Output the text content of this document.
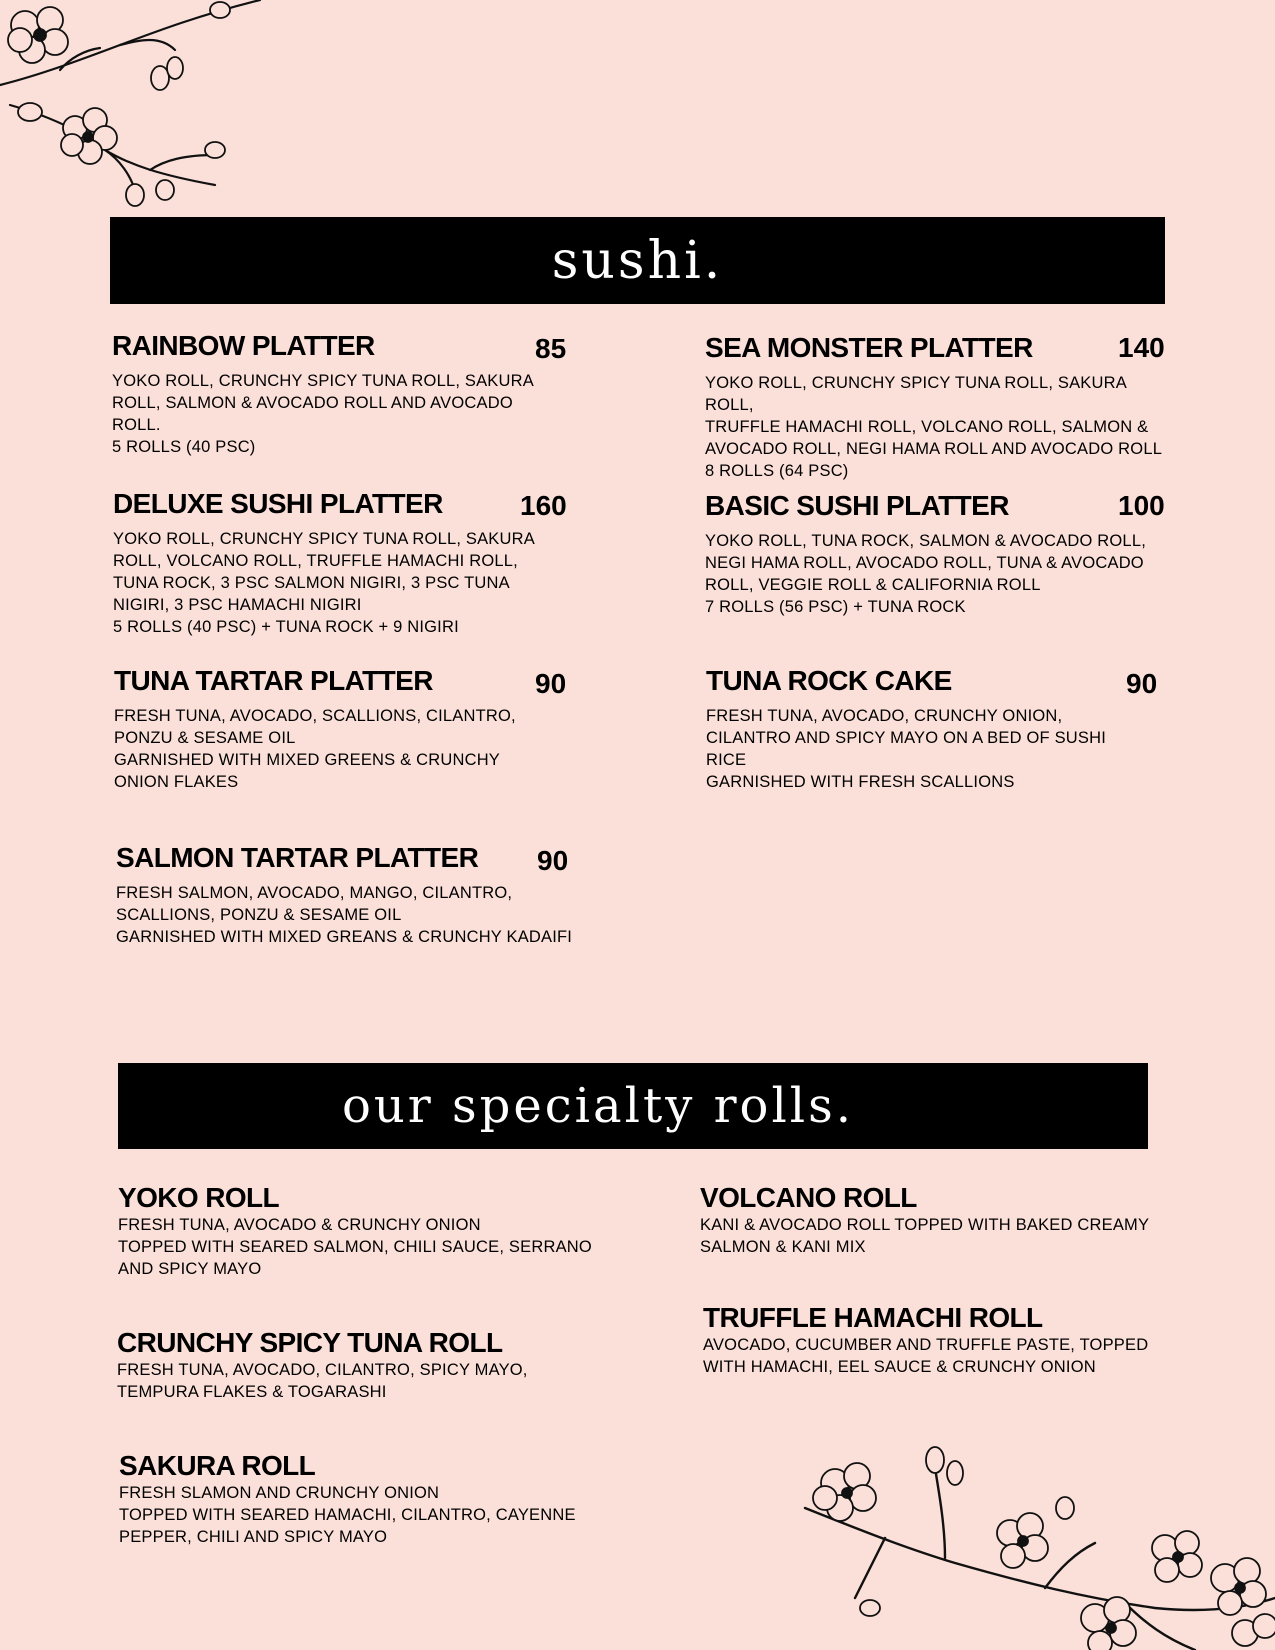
sushi.
our specialty rolls.
RAINBOW PLATTER	85

YOKO ROLL, CRUNCHY SPICY TUNA ROLL, SAKURA
ROLL, SALMON & AVOCADO ROLL AND AVOCADO
ROLL.
5 ROLLS (40 PSC)

SEA MONSTER PLATTER	140

YOKO ROLL, CRUNCHY SPICY TUNA ROLL, SAKURA ROLL,
TRUFFLE HAMACHI ROLL, VOLCANO ROLL, SALMON &
AVOCADO ROLL, NEGI HAMA ROLL AND AVOCADO ROLL
8 ROLLS (64 PSC)

DELUXE SUSHI PLATTER	160

YOKO ROLL, CRUNCHY SPICY TUNA ROLL, SAKURA
ROLL, VOLCANO ROLL, TRUFFLE HAMACHI ROLL,
TUNA ROCK, 3 PSC SALMON NIGIRI, 3 PSC TUNA
NIGIRI, 3 PSC HAMACHI NIGIRI
5 ROLLS (40 PSC) + TUNA ROCK + 9 NIGIRI

BASIC SUSHI PLATTER	100

YOKO ROLL, TUNA ROCK, SALMON & AVOCADO ROLL,
NEGI HAMA ROLL, AVOCADO ROLL, TUNA & AVOCADO
ROLL, VEGGIE ROLL & CALIFORNIA ROLL
7 ROLLS (56 PSC) + TUNA ROCK

TUNA TARTAR PLATTER	90

FRESH TUNA, AVOCADO, SCALLIONS, CILANTRO,
PONZU & SESAME OIL
GARNISHED WITH MIXED GREENS & CRUNCHY
ONION FLAKES

TUNA ROCK CAKE	90

FRESH TUNA, AVOCADO, CRUNCHY ONION,
CILANTRO AND SPICY MAYO ON A BED OF SUSHI
RICE
GARNISHED WITH FRESH SCALLIONS

SALMON TARTAR PLATTER	90

FRESH SALMON, AVOCADO, MANGO, CILANTRO,
SCALLIONS, PONZU & SESAME OIL
GARNISHED WITH MIXED GREANS & CRUNCHY KADAIFI

YOKO ROLL

FRESH TUNA, AVOCADO & CRUNCHY ONION
TOPPED WITH SEARED SALMON, CHILI SAUCE, SERRANO
AND SPICY MAYO

VOLCANO ROLL

KANI & AVOCADO ROLL TOPPED WITH BAKED CREAMY
SALMON & KANI MIX

CRUNCHY SPICY TUNA ROLL

FRESH TUNA, AVOCADO, CILANTRO, SPICY MAYO,
TEMPURA FLAKES & TOGARASHI

TRUFFLE HAMACHI ROLL

AVOCADO, CUCUMBER AND TRUFFLE PASTE, TOPPED
WITH HAMACHI, EEL SAUCE & CRUNCHY ONION

SAKURA ROLL

FRESH SLAMON AND CRUNCHY ONION
TOPPED WITH SEARED HAMACHI, CILANTRO, CAYENNE
PEPPER, CHILI AND SPICY MAYO
